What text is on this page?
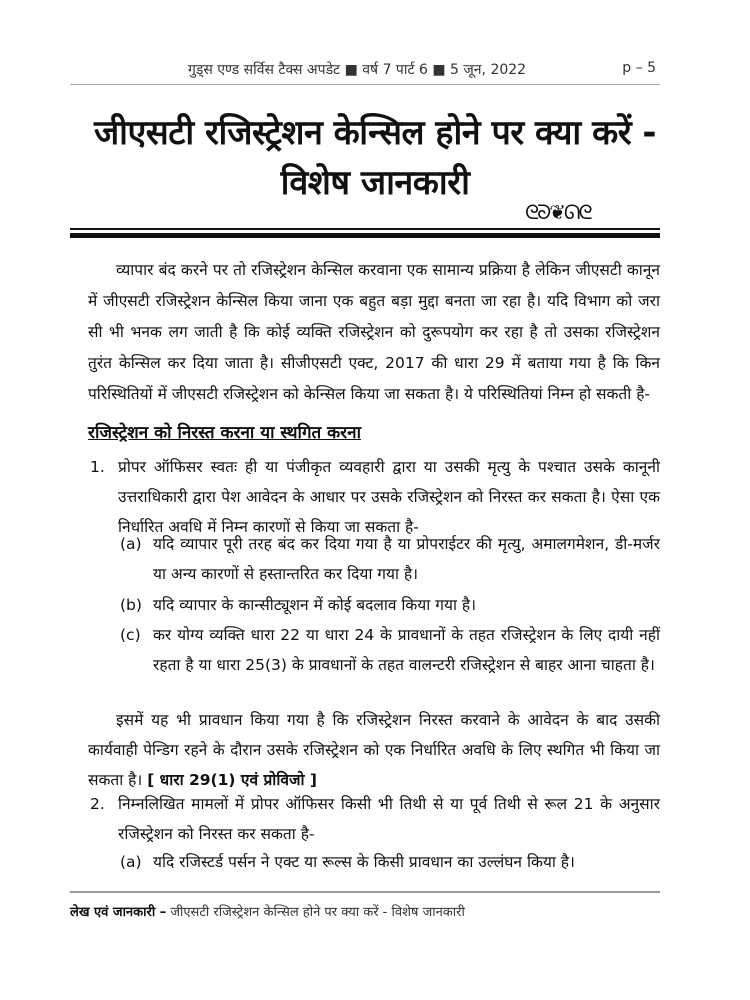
गुड्स एण्ड सर्विस टैक्स अपडेट ■ वर्ष 7 पार्ट 6 ■ 5 जून, 2022	p – 5
जीएसटी रजिस्ट्रेशन केन्सिल होने पर क्या करें -
विशेष जानकारी
ᘓᘐ❦ᘏᘓ
व्यापार बंद करने पर तो रजिस्ट्रेशन केन्सिल करवाना एक सामान्य प्रक्रिया है लेकिन जीएसटी कानून में जीएसटी रजिस्ट्रेशन केन्सिल किया जाना एक बहुत बड़ा मुद्दा बनता जा रहा है। यदि विभाग को जरा सी भी भनक लग जाती है कि कोई व्यक्ति रजिस्ट्रेशन को दुरूपयोग कर रहा है तो उसका रजिस्ट्रेशन तुरंत केन्सिल कर दिया जाता है। सीजीएसटी एक्ट, 2017 की धारा 29 में बताया गया है कि किन परिस्थितियों में जीएसटी रजिस्ट्रेशन को केन्सिल किया जा सकता है। ये परिस्थितियां निम्न हो सकती है-
रजिस्ट्रेशन को निरस्त करना या स्थगित करना
1. प्रोपर ऑफिसर स्वतः ही या पंजीकृत व्यवहारी द्वारा या उसकी मृत्यु के पश्चात उसके कानूनी उत्तराधिकारी द्वारा पेश आवेदन के आधार पर उसके रजिस्ट्रेशन को निरस्त कर सकता है। ऐसा एक निर्धारित अवधि में निम्न कारणों से किया जा सकता है-
(a) यदि व्यापार पूरी तरह बंद कर दिया गया है या प्रोपराईटर की मृत्यु, अमालगमेशन, डी-मर्जर या अन्य कारणों से हस्तान्तरित कर दिया गया है।
(b) यदि व्यापार के कान्सीट्यूशन में कोई बदलाव किया गया है।
(c) कर योग्य व्यक्ति धारा 22 या धारा 24 के प्रावधानों के तहत रजिस्ट्रेशन के लिए दायी नहीं रहता है या धारा 25(3) के प्रावधानों के तहत वालन्टरी रजिस्ट्रेशन से बाहर आना चाहता है।
इसमें यह भी प्रावधान किया गया है कि रजिस्ट्रेशन निरस्त करवाने के आवेदन के बाद उसकी कार्यवाही पेन्डिग रहने के दौरान उसके रजिस्ट्रेशन को एक निर्धारित अवधि के लिए स्थगित भी किया जा सकता है। [ धारा 29(1) एवं प्रोविजो ]
2. निम्नलिखित मामलों में प्रोपर ऑफिसर किसी भी तिथी से या पूर्व तिथी से रूल 21 के अनुसार रजिस्ट्रेशन को निरस्त कर सकता है-
(a) यदि रजिस्टर्ड पर्सन ने एक्ट या रूल्स के किसी प्रावधान का उल्लंघन किया है।
लेख एवं जानकारी – जीएसटी रजिस्ट्रेशन केन्सिल होने पर क्या करें - विशेष जानकारी
